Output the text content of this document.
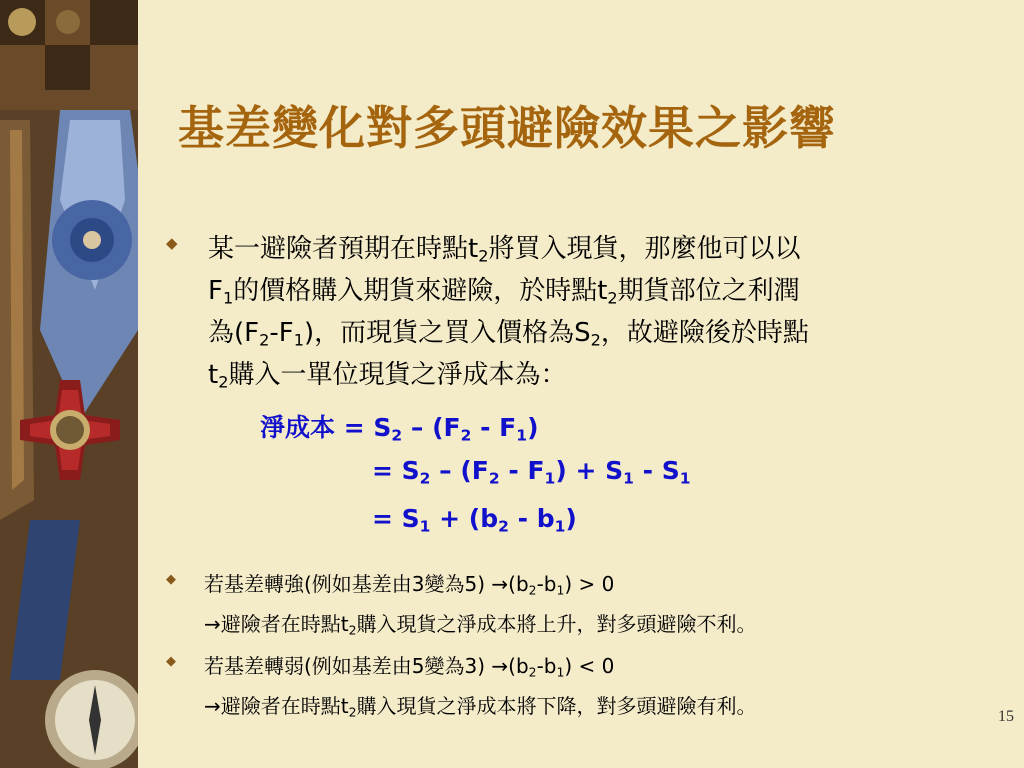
基差變化對多頭避險效果之影響
◆ 某一避險者預期在時點$t_2$將買入現貨，那麼他可以以
$F_1$的價格購入期貨來避險，於時點$t_2$期貨部位之利潤
為$(F_2-F_1)$，而現貨之買入價格為$S_2$，故避險後於時點
$t_2$購入一單位現貨之淨成本為：
淨成本 = $S_2 - (F_2 - F_1)$
= $S_2 - (F_2 - F_1) + S_1 - S_1$
= $S_1 + (b_2 - b_1)$
◆ 若基差轉強(例如基差由3變為$5) \to(b_2-b_1) > 0$
→避險者在時點$t_2$購入現貨之淨成本將上升，對多頭避險不利。
◆ 若基差轉弱(例如基差由5變為$3) \to(b_2-b_1) < 0$
→避險者在時點$t_2$購入現貨之淨成本將下降，對多頭避險有利。	15
